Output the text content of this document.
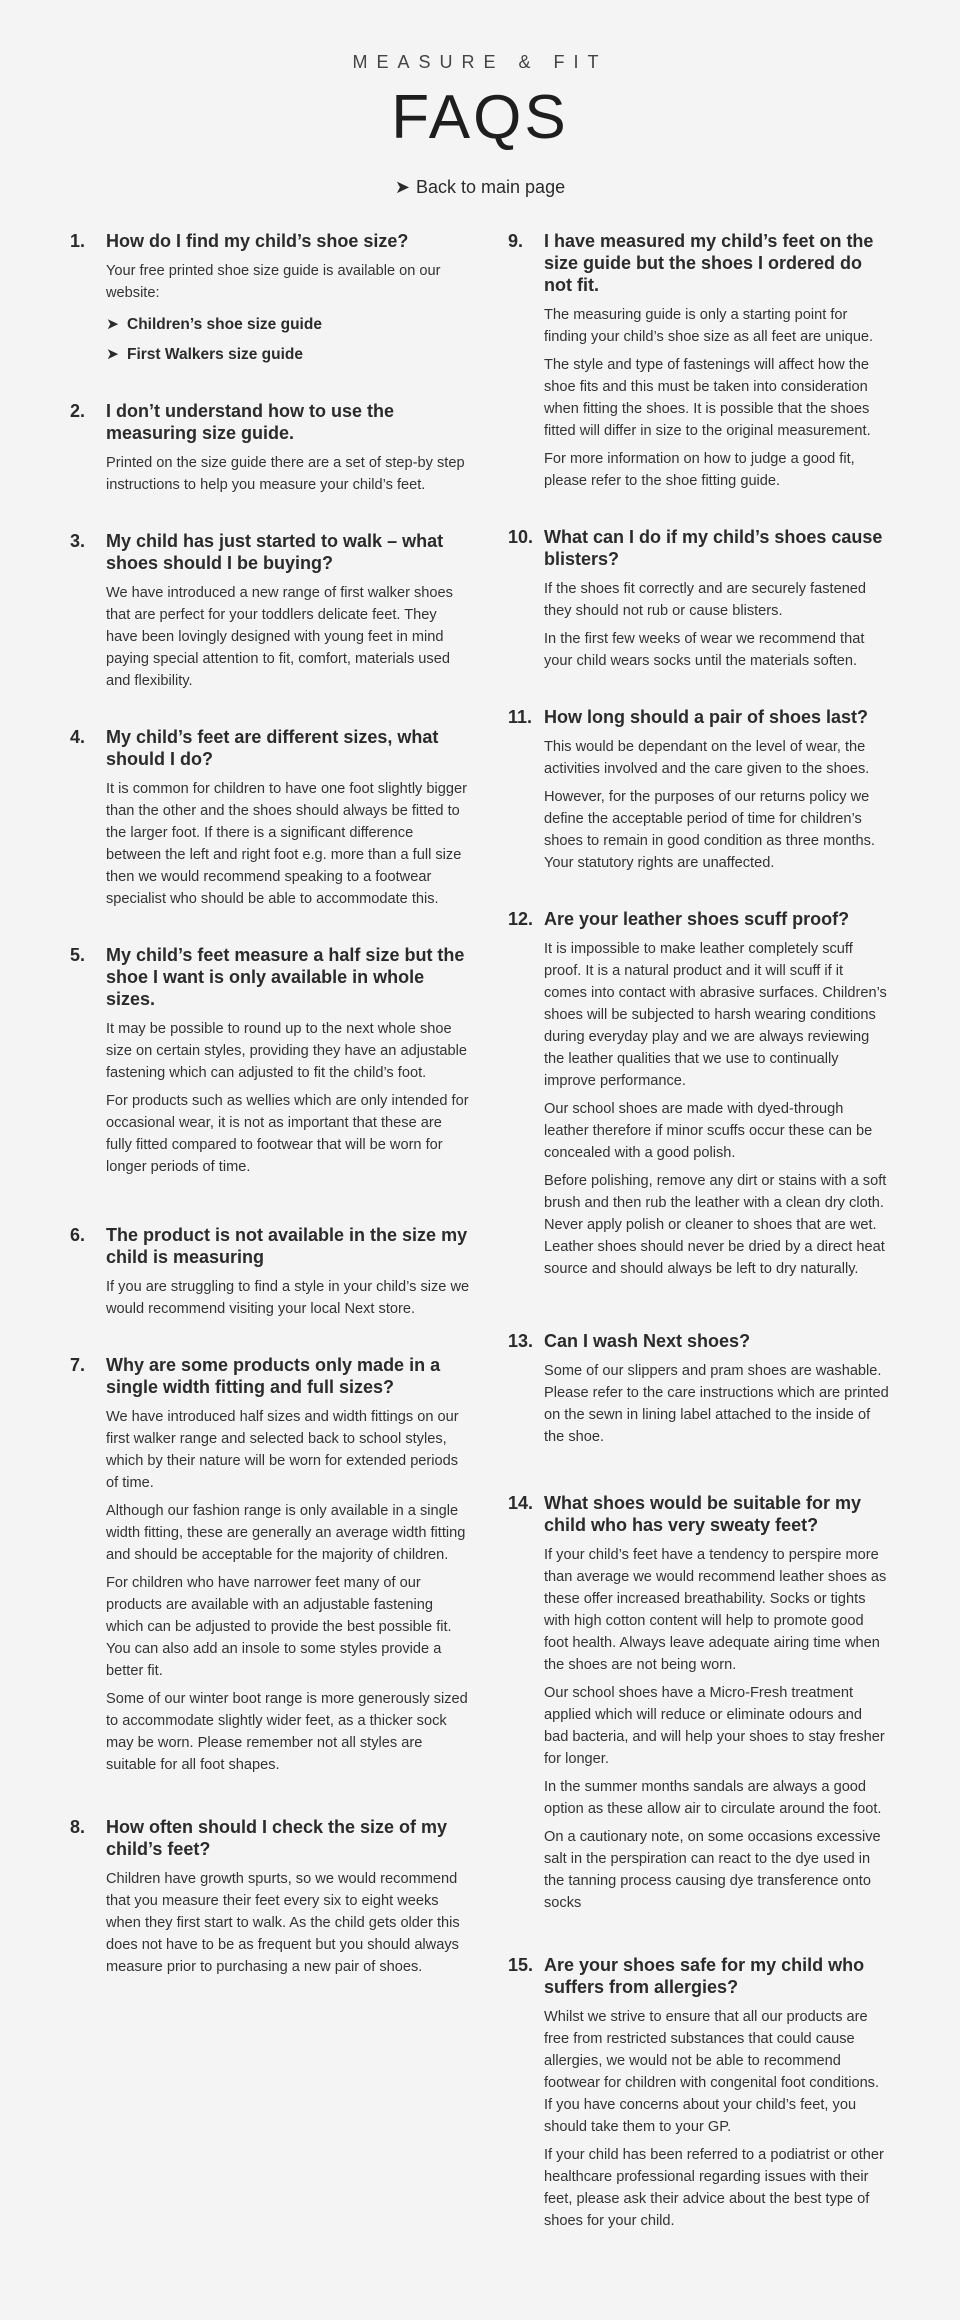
MEASURE & FIT

FAQS
➤ Back to main page
1.	How do I find my child’s shoe size?

Your free printed shoe size guide is available on our website:

➤ Children’s shoe size guide
➤ First Walkers size guide
2.	I don’t understand how to use the measuring size guide.

Printed on the size guide there are a set of step-by step instructions to help you measure your child’s feet.

3.	My child has just started to walk – what shoes should I be buying?

We have introduced a new range of first walker shoes that are perfect for your toddlers delicate feet. They have been lovingly designed with young feet in mind paying special attention to fit, comfort, materials used and flexibility.

4.	My child’s feet are different sizes, what should I do?

It is common for children to have one foot slightly bigger than the other and the shoes should always be fitted to the larger foot. If there is a significant difference between the left and right foot e.g. more than a full size then we would recommend speaking to a footwear specialist who should be able to accommodate this.

5.	My child’s feet measure a half size but the shoe I want is only available in whole sizes.

It may be possible to round up to the next whole shoe size on certain styles, providing they have an adjustable fastening which can adjusted to fit the child’s foot.

For products such as wellies which are only intended for occasional wear, it is not as important that these are fully fitted compared to footwear that will be worn for longer periods of time.

6.	The product is not available in the size my child is measuring

If you are struggling to find a style in your child’s size we would recommend visiting your local Next store.

7.	Why are some products only made in a single width fitting and full sizes?

We have introduced half sizes and width fittings on our first walker range and selected back to school styles, which by their nature will be worn for extended periods of time.

Although our fashion range is only available in a single width fitting, these are generally an average width fitting and should be acceptable for the majority of children.

For children who have narrower feet many of our products are available with an adjustable fastening which can be adjusted to provide the best possible fit. You can also add an insole to some styles provide a better fit.

Some of our winter boot range is more generously sized to accommodate slightly wider feet, as a thicker sock may be worn. Please remember not all styles are suitable for all foot shapes.

8.	How often should I check the size of my child’s feet?

Children have growth spurts, so we would recommend that you measure their feet every six to eight weeks when they first start to walk. As the child gets older this does not have to be as frequent but you should always measure prior to purchasing a new pair of shoes.

9.	I have measured my child’s feet on the size guide but the shoes I ordered do not fit.

The measuring guide is only a starting point for finding your child’s shoe size as all feet are unique.

The style and type of fastenings will affect how the shoe fits and this must be taken into consideration when fitting the shoes. It is possible that the shoes fitted will differ in size to the original measurement.

For more information on how to judge a good fit, please refer to the shoe fitting guide.

10. What can I do if my child’s shoes cause blisters?

If the shoes fit correctly and are securely fastened they should not rub or cause blisters.

In the first few weeks of wear we recommend that your child wears socks until the materials soften.

11. How long should a pair of shoes last?

This would be dependant on the level of wear, the activities involved and the care given to the shoes.

However, for the purposes of our returns policy we define the acceptable period of time for children’s shoes to remain in good condition as three months. Your statutory rights are unaffected.

12. Are your leather shoes scuff proof?

It is impossible to make leather completely scuff proof. It is a natural product and it will scuff if it comes into contact with abrasive surfaces. Children’s shoes will be subjected to harsh wearing conditions during everyday play and we are always reviewing the leather qualities that we use to continually improve performance.

Our school shoes are made with dyed-through leather therefore if minor scuffs occur these can be concealed with a good polish.

Before polishing, remove any dirt or stains with a soft brush and then rub the leather with a clean dry cloth. Never apply polish or cleaner to shoes that are wet. Leather shoes should never be dried by a direct heat source and should always be left to dry naturally.

13. Can I wash Next shoes?

Some of our slippers and pram shoes are washable. Please refer to the care instructions which are printed on the sewn in lining label attached to the inside of the shoe.

14. What shoes would be suitable for my child who has very sweaty feet?

If your child’s feet have a tendency to perspire more than average we would recommend leather shoes as these offer increased breathability. Socks or tights with high cotton content will help to promote good foot health. Always leave adequate airing time when the shoes are not being worn.

Our school shoes have a Micro-Fresh treatment applied which will reduce or eliminate odours and bad bacteria, and will help your shoes to stay fresher for longer.

In the summer months sandals are always a good option as these allow air to circulate around the foot.

On a cautionary note, on some occasions excessive salt in the perspiration can react to the dye used in the tanning process causing dye transference onto socks

15. Are your shoes safe for my child who suffers from allergies?

Whilst we strive to ensure that all our products are free from restricted substances that could cause allergies, we would not be able to recommend footwear for children with congenital foot conditions. If you have concerns about your child’s feet, you should take them to your GP.

If your child has been referred to a podiatrist or other healthcare professional regarding issues with their feet, please ask their advice about the best type of shoes for your child.
